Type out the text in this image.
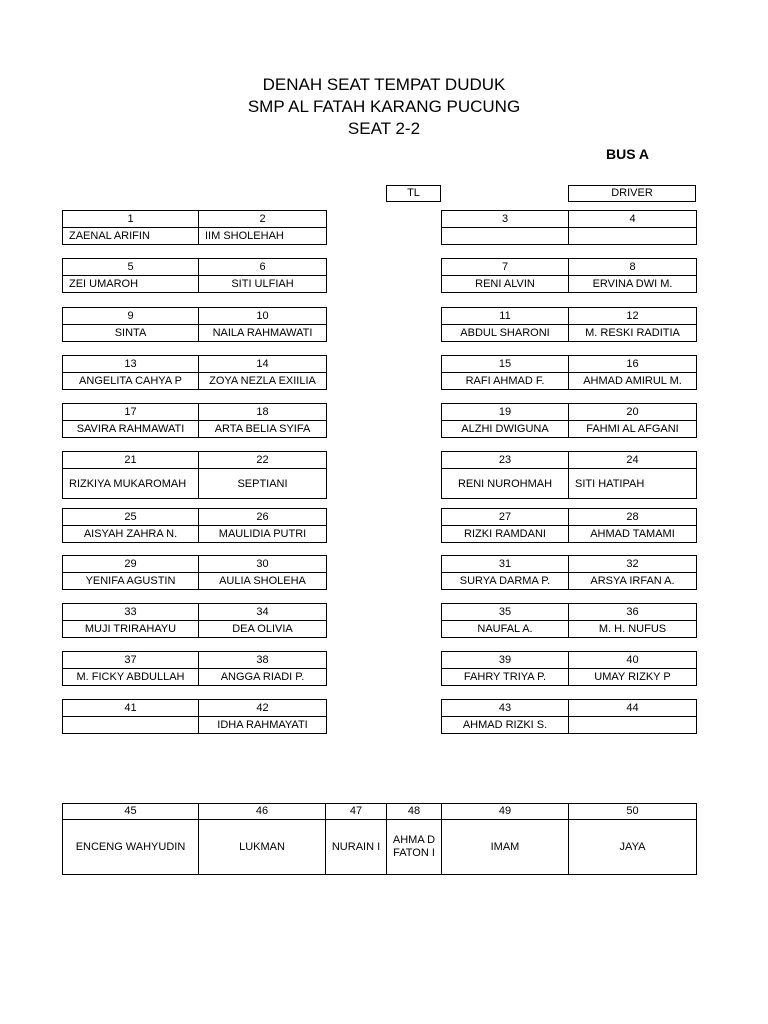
DENAH SEAT TEMPAT DUDUK
SMP AL FATAH KARANG PUCUNG
SEAT 2-2
BUS A
TL	DRIVER
1	2
ZAENAL ARIFIN	IIM SHOLEHAH
3	4

5	6
ZEI UMAROH	SITI ULFIAH
7	8
RENI ALVIN	ERVINA DWI M.
9	10
SINTA	NAILA RAHMAWATI
11	12
ABDUL SHARONI	M. RESKI RADITIA
13	14
ANGELITA CAHYA P	ZOYA NEZLA EXIILIA
15	16
RAFI AHMAD F.	AHMAD AMIRUL M.
17	18
SAVIRA RAHMAWATI	ARTA BELIA SYIFA
19	20
ALZHI DWIGUNA	FAHMI AL AFGANI
21	22
RIZKIYA MUKAROMAH	SEPTIANI
23	24
RENI NUROHMAH	SITI HATIPAH
25	26
AISYAH ZAHRA N.	MAULIDIA PUTRI
27	28
RIZKI RAMDANI	AHMAD TAMAMI
29	30
YENIFA AGUSTIN	AULIA SHOLEHA
31	32
SURYA DARMA P.	ARSYA IRFAN A.
33	34
MUJI TRIRAHAYU	DEA OLIVIA
35	36
NAUFAL A.	M. H. NUFUS
37	38
M. FICKY ABDULLAH	ANGGA RIADI P.
39	40
FAHRY TRIYA P.	UMAY RIZKY P
41	42
	IDHA RAHMAYATI
43	44
AHMAD RIZKI S.	
45	46	47	48	49	50
ENCENG WAHYUDIN	LUKMAN	NURAIN I	AHMA D FATON I	IMAM	JAYA
